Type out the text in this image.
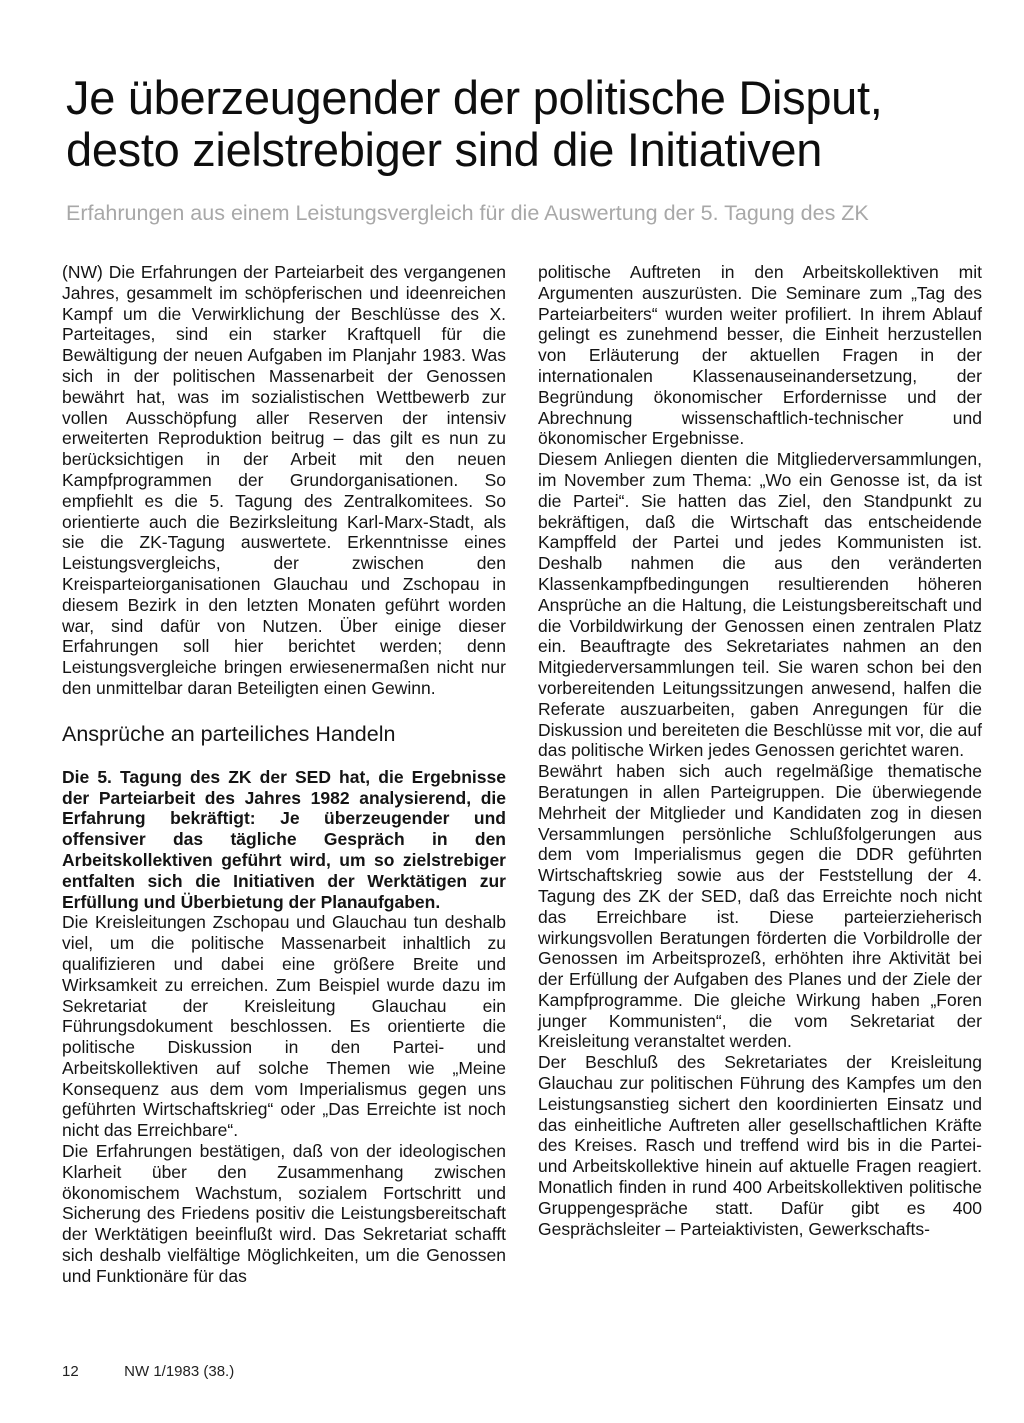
Je überzeugender der politische Disput,
desto zielstrebiger sind die Initiativen
Erfahrungen aus einem Leistungsvergleich für die Auswertung der 5. Tagung des ZK

(NW) Die Erfahrungen der Parteiarbeit des vergangenen Jahres, gesammelt im schöpferischen und ideenreichen Kampf um die Verwirklichung der Beschlüsse des X. Parteitages, sind ein starker Kraftquell für die Bewältigung der neuen Aufgaben im Planjahr 1983. Was sich in der politischen Massenarbeit der Genossen bewährt hat, was im sozialistischen Wettbewerb zur vollen Ausschöpfung aller Reserven der intensiv erweiterten Reproduktion beitrug – das gilt es nun zu berücksichtigen in der Arbeit mit den neuen Kampfprogrammen der Grundorganisationen. So empfiehlt es die 5. Tagung des Zentralkomitees. So orientierte auch die Bezirksleitung Karl-Marx-Stadt, als sie die ZK-Tagung auswertete. Erkenntnisse eines Leistungsvergleichs, der zwischen den Kreisparteiorganisationen Glauchau und Zschopau in diesem Bezirk in den letzten Monaten geführt worden war, sind dafür von Nutzen. Über einige dieser Erfahrungen soll hier berichtet werden; denn Leistungsvergleiche bringen erwiesenermaßen nicht nur den unmittelbar daran Beteiligten einen Gewinn.

Ansprüche an parteiliches Handeln

Die 5. Tagung des ZK der SED hat, die Ergebnisse der Parteiarbeit des Jahres 1982 analysierend, die Erfahrung bekräftigt: Je überzeugender und offensiver das tägliche Gespräch in den Arbeitskollektiven geführt wird, um so zielstrebiger entfalten sich die Initiativen der Werktätigen zur Erfüllung und Überbietung der Planaufgaben.

Die Kreisleitungen Zschopau und Glauchau tun deshalb viel, um die politische Massenarbeit inhaltlich zu qualifizieren und dabei eine größere Breite und Wirksamkeit zu erreichen. Zum Beispiel wurde dazu im Sekretariat der Kreisleitung Glauchau ein Führungsdokument beschlossen. Es orientierte die politische Diskussion in den Partei- und Arbeitskollektiven auf solche Themen wie „Meine Konsequenz aus dem vom Imperialismus gegen uns geführten Wirtschaftskrieg“ oder „Das Erreichte ist noch nicht das Erreichbare“.

Die Erfahrungen bestätigen, daß von der ideologischen Klarheit über den Zusammenhang zwischen ökonomischem Wachstum, sozialem Fortschritt und Sicherung des Friedens positiv die Leistungsbereitschaft der Werktätigen beeinflußt wird. Das Sekretariat schafft sich deshalb vielfältige Möglichkeiten, um die Genossen und Funktionäre für das

politische Auftreten in den Arbeitskollektiven mit Argumenten auszurüsten. Die Seminare zum „Tag des Parteiarbeiters“ wurden weiter profiliert. In ihrem Ablauf gelingt es zunehmend besser, die Einheit herzustellen von Erläuterung der aktuellen Fragen in der internationalen Klassenauseinandersetzung, der Begründung ökonomischer Erfordernisse und der Abrechnung wissenschaftlich-technischer und ökonomischer Ergebnisse.

Diesem Anliegen dienten die Mitgliederversammlungen, im November zum Thema: „Wo ein Genosse ist, da ist die Partei“. Sie hatten das Ziel, den Standpunkt zu bekräftigen, daß die Wirtschaft das entscheidende Kampffeld der Partei und jedes Kommunisten ist. Deshalb nahmen die aus den veränderten Klassenkampfbedingungen resultierenden höheren Ansprüche an die Haltung, die Leistungsbereitschaft und die Vorbildwirkung der Genossen einen zentralen Platz ein. Beauftragte des Sekretariates nahmen an den Mitgiederversammlungen teil. Sie waren schon bei den vorbereitenden Leitungssitzungen anwesend, halfen die Referate auszuarbeiten, gaben Anregungen für die Diskussion und bereiteten die Beschlüsse mit vor, die auf das politische Wirken jedes Genossen gerichtet waren.

Bewährt haben sich auch regelmäßige thematische Beratungen in allen Parteigruppen. Die überwiegende Mehrheit der Mitglieder und Kandidaten zog in diesen Versammlungen persönliche Schlußfolgerungen aus dem vom Imperialismus gegen die DDR geführten Wirtschaftskrieg sowie aus der Feststellung der 4. Tagung des ZK der SED, daß das Erreichte noch nicht das Erreichbare ist. Diese parteierzieherisch wirkungsvollen Beratungen förderten die Vorbildrolle der Genossen im Arbeitsprozeß, erhöhten ihre Aktivität bei der Erfüllung der Aufgaben des Planes und der Ziele der Kampfprogramme. Die gleiche Wirkung haben „Foren junger Kommunisten“, die vom Sekretariat der Kreisleitung veranstaltet werden.

Der Beschluß des Sekretariates der Kreisleitung Glauchau zur politischen Führung des Kampfes um den Leistungsanstieg sichert den koordinierten Einsatz und das einheitliche Auftreten aller gesellschaftlichen Kräfte des Kreises. Rasch und treffend wird bis in die Partei- und Arbeitskollektive hinein auf aktuelle Fragen reagiert. Monatlich finden in rund 400 Arbeitskollektiven politische Gruppengespräche statt. Dafür gibt es 400 Gesprächsleiter – Parteiaktivisten, Gewerkschafts-

12	NW 1/1983 (38.)
